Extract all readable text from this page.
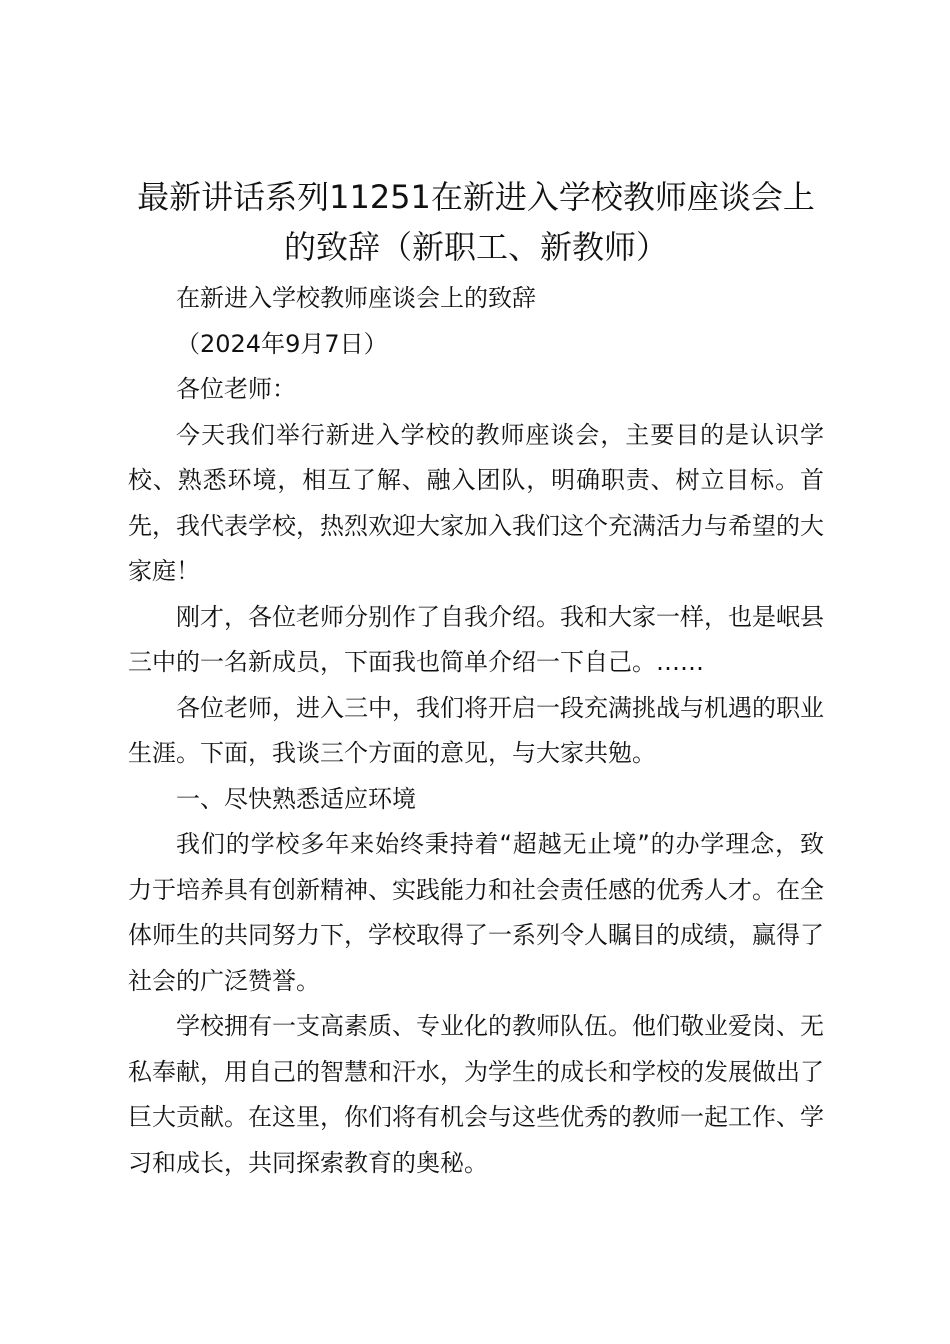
最新讲话系列11251在新进入学校教师座谈会上的致辞（新职工、新教师）

在新进入学校教师座谈会上的致辞

（2024年9月7日）

各位老师：

今天我们举行新进入学校的教师座谈会，主要目的是认识学校、熟悉环境，相互了解、融入团队，明确职责、树立目标。首先，我代表学校，热烈欢迎大家加入我们这个充满活力与希望的大家庭！

刚才，各位老师分别作了自我介绍。我和大家一样，也是岷县三中的一名新成员，下面我也简单介绍一下自己。……

各位老师，进入三中，我们将开启一段充满挑战与机遇的职业生涯。下面，我谈三个方面的意见，与大家共勉。

一、尽快熟悉适应环境

我们的学校多年来始终秉持着“超越无止境”的办学理念，致力于培养具有创新精神、实践能力和社会责任感的优秀人才。在全体师生的共同努力下，学校取得了一系列令人瞩目的成绩，赢得了社会的广泛赞誉。

学校拥有一支高素质、专业化的教师队伍。他们敬业爱岗、无私奉献，用自己的智慧和汗水，为学生的成长和学校的发展做出了巨大贡献。在这里，你们将有机会与这些优秀的教师一起工作、学习和成长，共同探索教育的奥秘。
